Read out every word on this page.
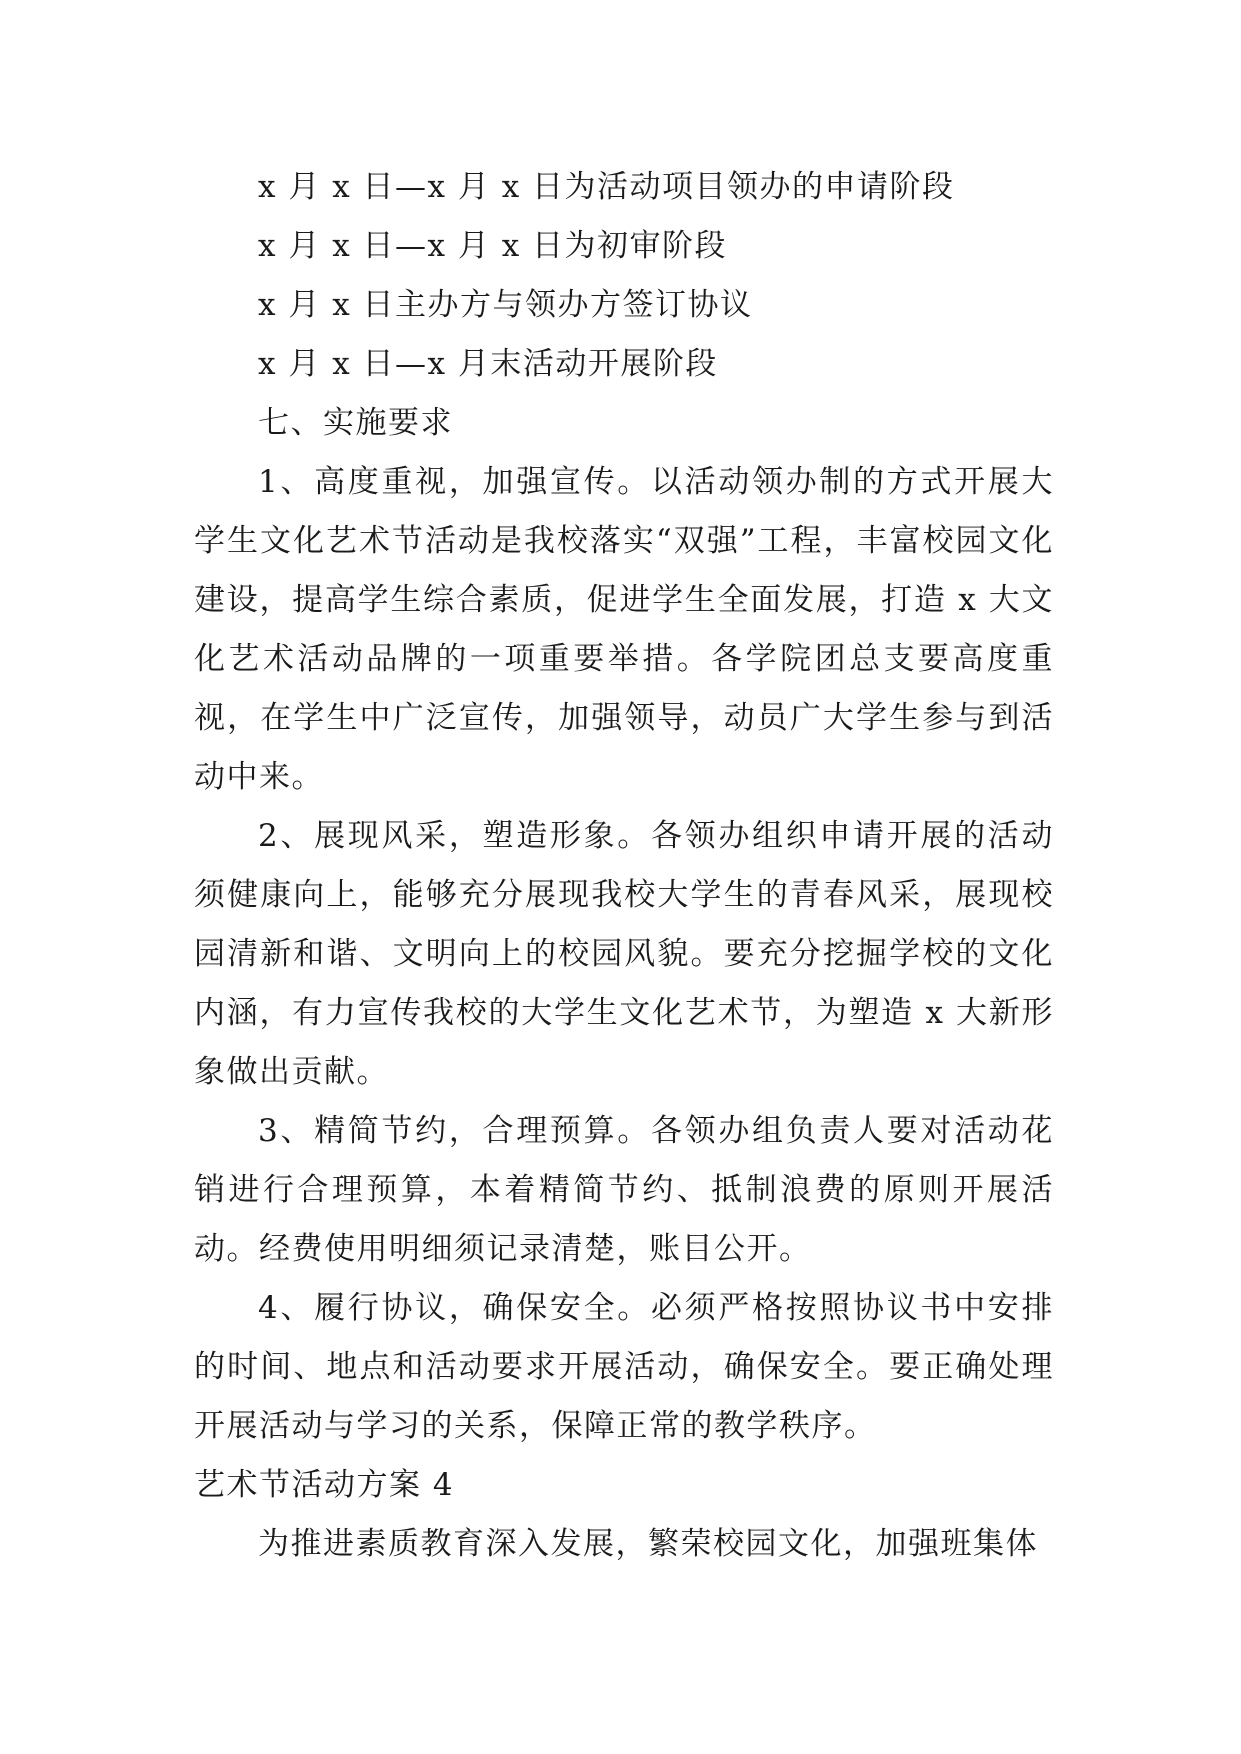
x 月 x 日—x 月 x 日为活动项目领办的申请阶段

x 月 x 日—x 月 x 日为初审阶段

x 月 x 日主办方与领办方签订协议

x 月 x 日—x 月末活动开展阶段

七、实施要求

1、高度重视，加强宣传。以活动领办制的方式开展大学生文化艺术节活动是我校落实“双强”工程，丰富校园文化建设，提高学生综合素质，促进学生全面发展，打造 x 大文化艺术活动品牌的一项重要举措。各学院团总支要高度重视，在学生中广泛宣传，加强领导，动员广大学生参与到活动中来。

2、展现风采，塑造形象。各领办组织申请开展的活动须健康向上，能够充分展现我校大学生的青春风采，展现校园清新和谐、文明向上的校园风貌。要充分挖掘学校的文化内涵，有力宣传我校的大学生文化艺术节，为塑造 x 大新形象做出贡献。

3、精简节约，合理预算。各领办组负责人要对活动花销进行合理预算，本着精简节约、抵制浪费的原则开展活动。经费使用明细须记录清楚，账目公开。

4、履行协议，确保安全。必须严格按照协议书中安排的时间、地点和活动要求开展活动，确保安全。要正确处理开展活动与学习的关系，保障正常的教学秩序。

艺术节活动方案 4

为推进素质教育深入发展，繁荣校园文化，加强班集体
